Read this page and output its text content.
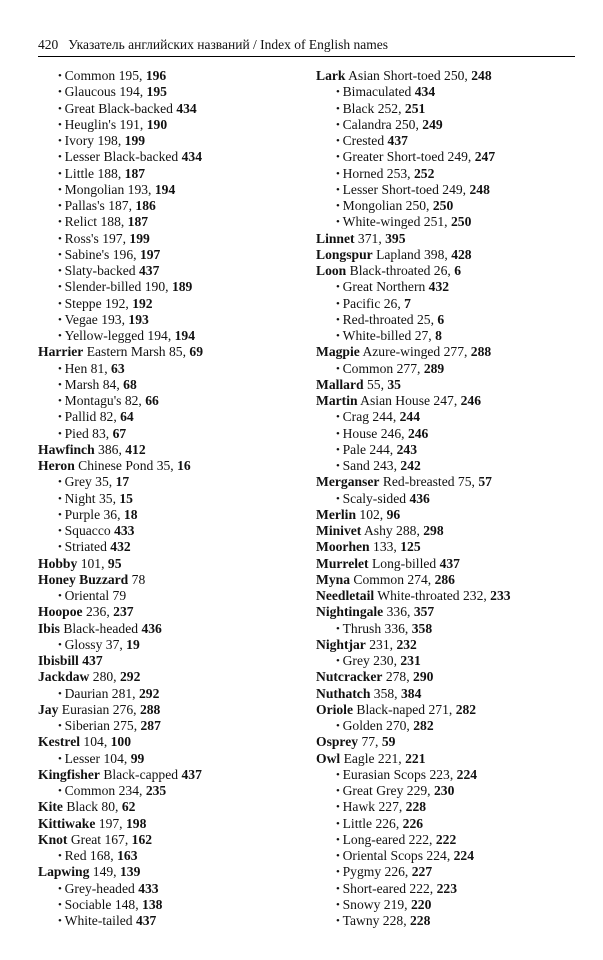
420 Указатель английских названий / Index of English names
• Common 195, 196
• Glaucous 194, 195
• Great Black-backed 434
• Heuglin's 191, 190
• Ivory 198, 199
• Lesser Black-backed 434
• Little 188, 187
• Mongolian 193, 194
• Pallas's 187, 186
• Relict 188, 187
• Ross's 197, 199
• Sabine's 196, 197
• Slaty-backed 437
• Slender-billed 190, 189
• Steppe 192, 192
• Vegae 193, 193
• Yellow-legged 194, 194
Harrier Eastern Marsh 85, 69
• Hen 81, 63
• Marsh 84, 68
• Montagu's 82, 66
• Pallid 82, 64
• Pied 83, 67
Hawfinch 386, 412
Heron Chinese Pond 35, 16
• Grey 35, 17
• Night 35, 15
• Purple 36, 18
• Squacco 433
• Striated 432
Hobby 101, 95
Honey Buzzard 78
• Oriental 79
Hoopoe 236, 237
Ibis Black-headed 436
• Glossy 37, 19
Ibisbill 437
Jackdaw 280, 292
• Daurian 281, 292
Jay Eurasian 276, 288
• Siberian 275, 287
Kestrel 104, 100
• Lesser 104, 99
Kingfisher Black-capped 437
• Common 234, 235
Kite Black 80, 62
Kittiwake 197, 198
Knot Great 167, 162
• Red 168, 163
Lapwing 149, 139
• Grey-headed 433
• Sociable 148, 138
• White-tailed 437
Lark Asian Short-toed 250, 248
• Bimaculated 434
• Black 252, 251
• Calandra 250, 249
• Crested 437
• Greater Short-toed 249, 247
• Horned 253, 252
• Lesser Short-toed 249, 248
• Mongolian 250, 250
• White-winged 251, 250
Linnet 371, 395
Longspur Lapland 398, 428
Loon Black-throated 26, 6
• Great Northern 432
• Pacific 26, 7
• Red-throated 25, 6
• White-billed 27, 8
Magpie Azure-winged 277, 288
• Common 277, 289
Mallard 55, 35
Martin Asian House 247, 246
• Crag 244, 244
• House 246, 246
• Pale 244, 243
• Sand 243, 242
Merganser Red-breasted 75, 57
• Scaly-sided 436
Merlin 102, 96
Minivet Ashy 288, 298
Moorhen 133, 125
Murrelet Long-billed 437
Myna Common 274, 286
Needletail White-throated 232, 233
Nightingale 336, 357
• Thrush 336, 358
Nightjar 231, 232
• Grey 230, 231
Nutcracker 278, 290
Nuthatch 358, 384
Oriole Black-naped 271, 282
• Golden 270, 282
Osprey 77, 59
Owl Eagle 221, 221
• Eurasian Scops 223, 224
• Great Grey 229, 230
• Hawk 227, 228
• Little 226, 226
• Long-eared 222, 222
• Oriental Scops 224, 224
• Pygmy 226, 227
• Short-eared 222, 223
• Snowy 219, 220
• Tawny 228, 228
